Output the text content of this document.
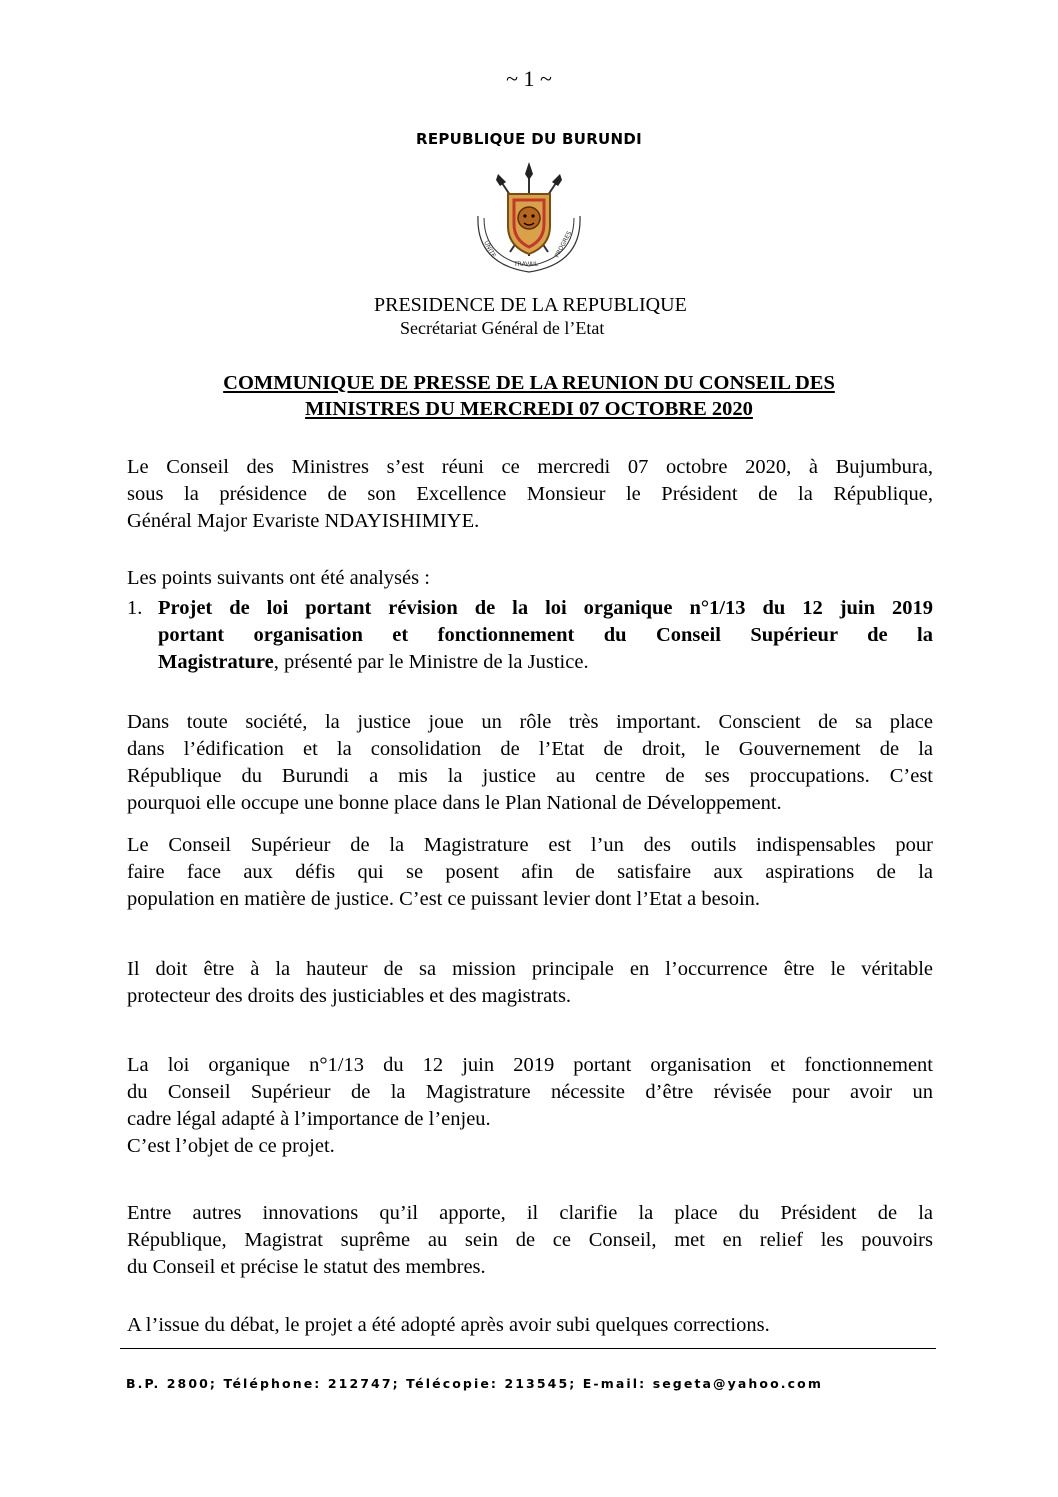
~ 1 ~
REPUBLIQUE DU BURUNDI
UNITE
TRAVAIL
PROGRES
PRESIDENCE DE LA REPUBLIQUE
Secrétariat Général de l’Etat
COMMUNIQUE DE PRESSE DE LA REUNION DU CONSEIL DES
MINISTRES DU MERCREDI 07 OCTOBRE 2020
Le Conseil des Ministres s’est réuni ce mercredi 07 octobre 2020, à Bujumbura,
sous la présidence de son Excellence Monsieur le Président de la République,
Général Major Evariste NDAYISHIMIYE.
Les points suivants ont été analysés :
1. Projet de loi portant révision de la loi organique n°1/13 du 12 juin 2019
portant organisation et fonctionnement du Conseil Supérieur de la
Magistrature, présenté par le Ministre de la Justice.
Dans toute société, la justice joue un rôle très important. Conscient de sa place
dans l’édification et la consolidation de l’Etat de droit, le Gouvernement de la
République du Burundi a mis la justice au centre de ses proccupations. C’est
pourquoi elle occupe une bonne place dans le Plan National de Développement.
Le Conseil Supérieur de la Magistrature est l’un des outils indispensables pour
faire face aux défis qui se posent afin de satisfaire aux aspirations de la
population en matière de justice. C’est ce puissant levier dont l’Etat a besoin.
Il doit être à la hauteur de sa mission principale en l’occurrence être le véritable
protecteur des droits des justiciables et des magistrats.
La loi organique n°1/13 du 12 juin 2019 portant organisation et fonctionnement
du Conseil Supérieur de la Magistrature nécessite d’être révisée pour avoir un
cadre légal adapté à l’importance de l’enjeu.
C’est l’objet de ce projet.
Entre autres innovations qu’il apporte, il clarifie la place du Président de la
République, Magistrat suprême au sein de ce Conseil, met en relief les pouvoirs
du Conseil et précise le statut des membres.
A l’issue du débat, le projet a été adopté après avoir subi quelques corrections.
B.P. 2800; Téléphone: 212747; Télécopie: 213545; E-mail: segeta@yahoo.com
